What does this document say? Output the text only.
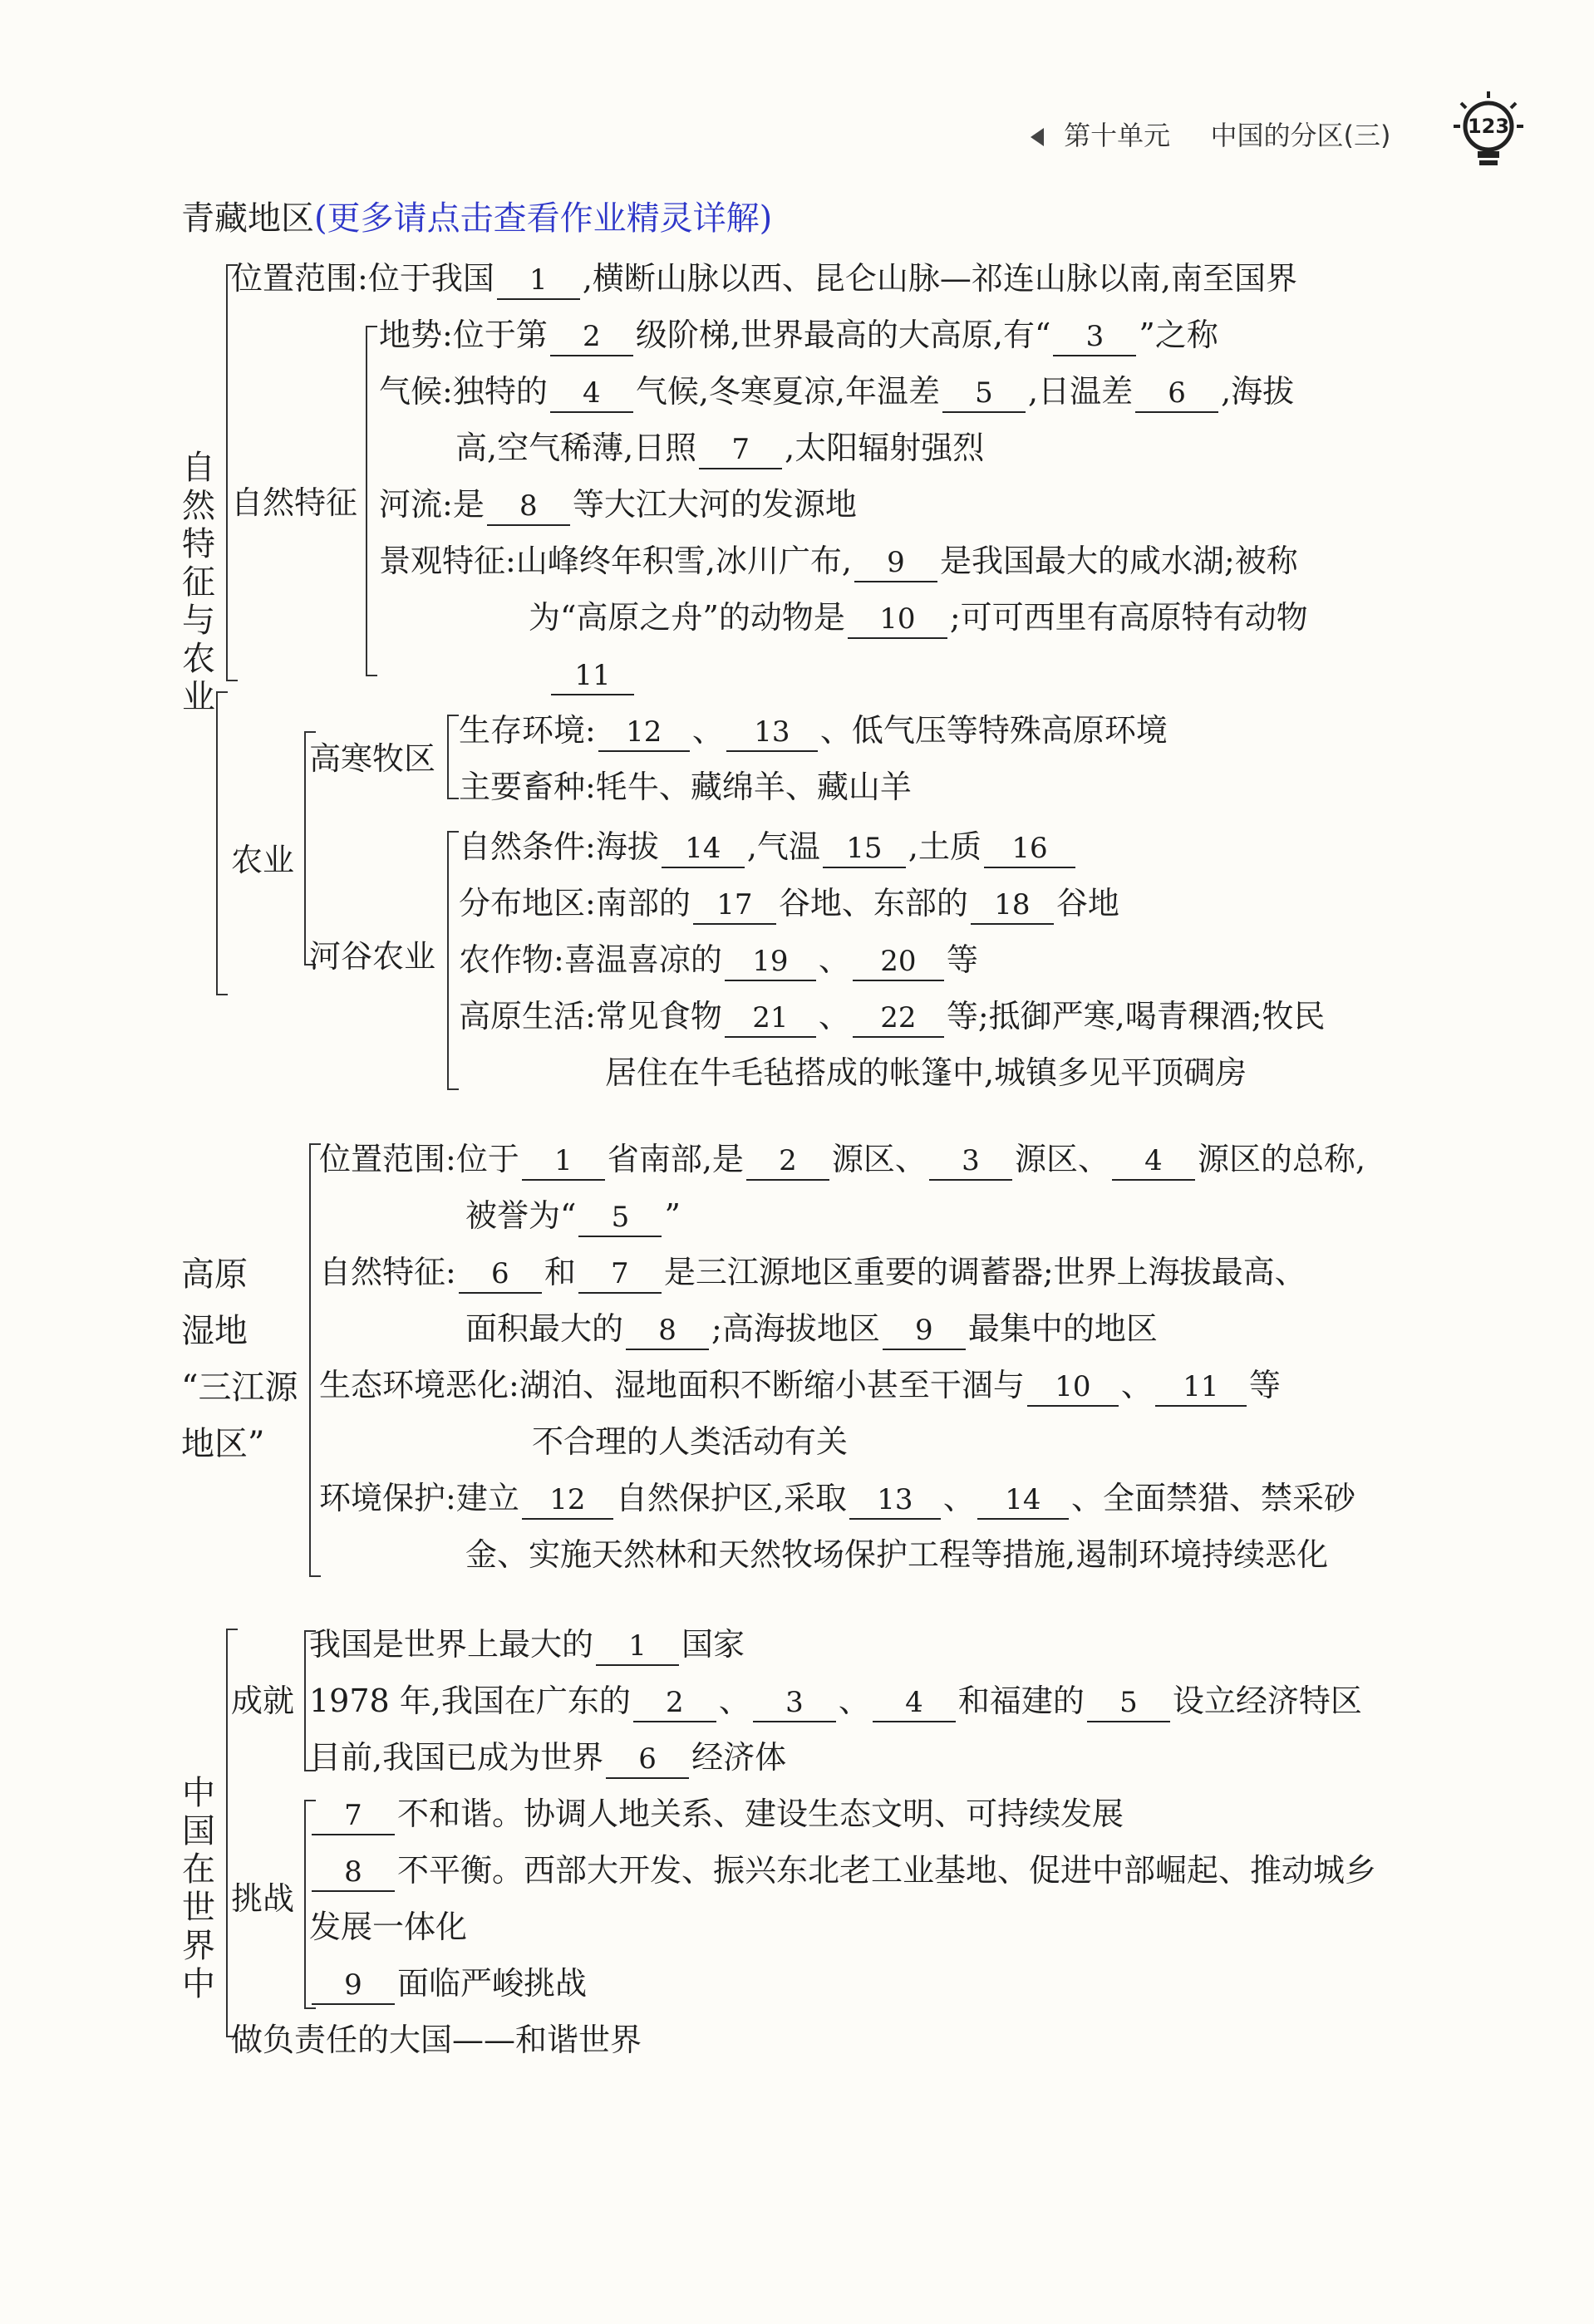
第十单元 中国的分区(三)	123
青藏地区(更多请点击查看作业精灵详解)
自然特征与农业
位置范围:位于我国 1 ,横断山脉以西、昆仑山脉—祁连山脉以南,南至国界
自然特征
地势:位于第 2 级阶梯,世界最高的大高原,有“ 3 ”之称
气候:独特的 4 气候,冬寒夏凉,年温差 5 ,日温差 6 ,海拔
高,空气稀薄,日照 7 ,太阳辐射强烈
河流:是 8 等大江大河的发源地
景观特征:山峰终年积雪,冰川广布, 9 是我国最大的咸水湖;被称
为“高原之舟”的动物是 10 ;可可西里有高原特有动物
11
农业
高寒牧区
生存环境: 12 、 13 、低气压等特殊高原环境
主要畜种:牦牛、藏绵羊、藏山羊
河谷农业
自然条件:海拔 14 ,气温 15 ,土质 16
分布地区:南部的 17 谷地、东部的 18 谷地
农作物:喜温喜凉的 19 、 20 等
高原生活:常见食物 21 、 22 等;抵御严寒,喝青稞酒;牧民
居住在牛毛毡搭成的帐篷中,城镇多见平顶碉房
高原
湿地
“三江源
地区”
位置范围:位于 1 省南部,是 2 源区、 3 源区、 4 源区的总称,
被誉为“ 5 ”
自然特征: 6 和 7 是三江源地区重要的调蓄器;世界上海拔最高、
面积最大的 8 ;高海拔地区 9 最集中的地区
生态环境恶化:湖泊、湿地面积不断缩小甚至干涸与 10 、 11 等
不合理的人类活动有关
环境保护:建立 12 自然保护区,采取 13 、 14 、全面禁猎、禁采砂
金、实施天然林和天然牧场保护工程等措施,遏制环境持续恶化
中国在世界中
成就
我国是世界上最大的 1 国家
1978 年,我国在广东的 2 、 3 、 4 和福建的 5 设立经济特区
目前,我国已成为世界 6 经济体
挑战
7 不和谐。协调人地关系、建设生态文明、可持续发展
8 不平衡。西部大开发、振兴东北老工业基地、促进中部崛起、推动城乡
发展一体化
9 面临严峻挑战
做负责任的大国——和谐世界
